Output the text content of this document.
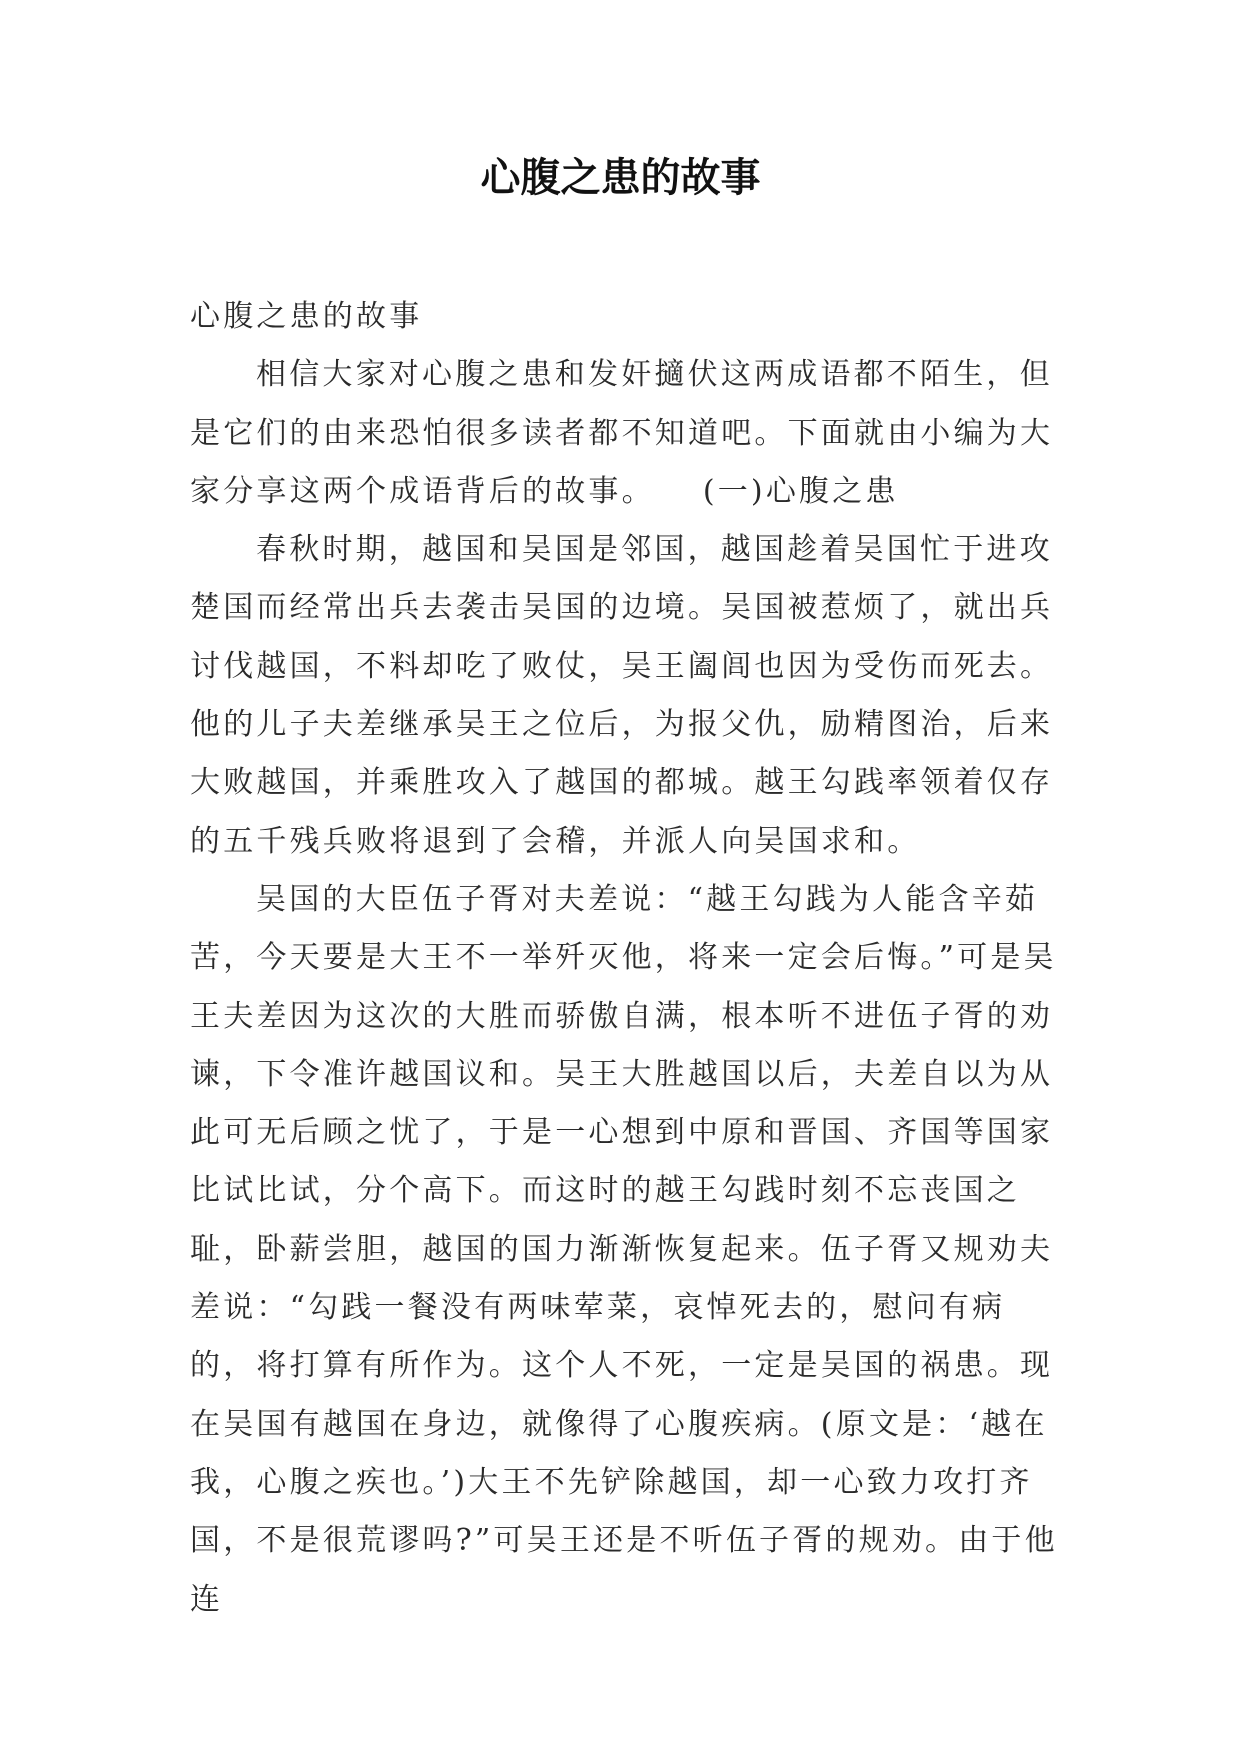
心腹之患的故事

心腹之患的故事

相信大家对心腹之患和发奸擿伏这两成语都不陌生，但是它们的由来恐怕很多读者都不知道吧。下面就由小编为大家分享这两个成语背后的故事。 (一)心腹之患

春秋时期，越国和吴国是邻国，越国趁着吴国忙于进攻楚国而经常出兵去袭击吴国的边境。吴国被惹烦了，就出兵讨伐越国，不料却吃了败仗，吴王阖闾也因为受伤而死去。他的儿子夫差继承吴王之位后，为报父仇，励精图治，后来大败越国，并乘胜攻入了越国的都城。越王勾践率领着仅存的五千残兵败将退到了会稽，并派人向吴国求和。

吴国的大臣伍子胥对夫差说：“越王勾践为人能含辛茹苦，今天要是大王不一举歼灭他，将来一定会后悔。”可是吴王夫差因为这次的大胜而骄傲自满，根本听不进伍子胥的劝谏，下令准许越国议和。吴王大胜越国以后，夫差自以为从此可无后顾之忧了，于是一心想到中原和晋国、齐国等国家比试比试，分个高下。而这时的越王勾践时刻不忘丧国之耻，卧薪尝胆，越国的国力渐渐恢复起来。伍子胥又规劝夫差说：“勾践一餐没有两味荤菜，哀悼死去的，慰问有病的，将打算有所作为。这个人不死，一定是吴国的祸患。现在吴国有越国在身边，就像得了心腹疾病。(原文是：‘越在我，心腹之疾也。’)大王不先铲除越国，却一心致力攻打齐国，不是很荒谬吗?”可吴王还是不听伍子胥的规劝。由于他连
